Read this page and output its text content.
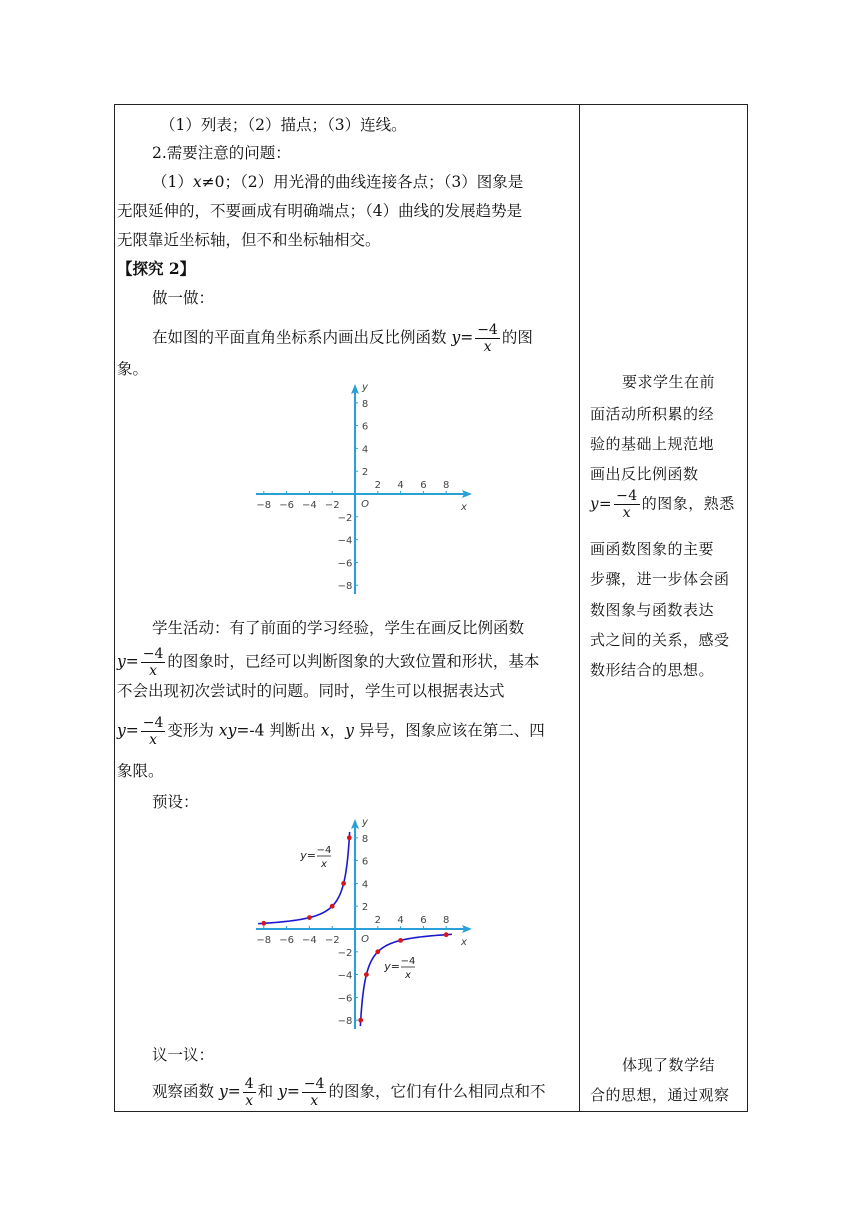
（1）列表；（2）描点；（3）连线。
2.需要注意的问题：
（1）x≠0；（2）用光滑的曲线连接各点；（3）图象是
无限延伸的，不要画成有明确端点；（4）曲线的发展趋势是
无限靠近坐标轴，但不和坐标轴相交。
【探究 2】
做一做：
在如图的平面直角坐标系内画出反比例函数 $y= \frac{-4}{x}$ 的图
象。
−8 −6 −4 −2
2 4 6 8
8
6
4
2
−2
−4
−6
−8
x
y
O
学生活动：有了前面的学习经验，学生在画反比例函数
$y= \frac{-4}{x}$ 的图象时，已经可以判断图象的大致位置和形状，基本
不会出现初次尝试时的问题。同时，学生可以根据表达式
$y= \frac{-4}{x}$ 变形为 xy=-4 判断出 x，y 异号，图象应该在第二、四
象限。
预设：
−8 −6 −4 −2
2 4 6 8
8
6
4
2
−2
−4
−6
−8
x
y
O
y= −4
x
y= −4
x
议一议：
观察函数 $y= \frac{4}{x}$ 和 $y= \frac{-4}{x}$ 的图象，它们有什么相同点和不
要求学生在前
面活动所积累的经
验的基础上规范地
画出反比例函数
$y= \frac{-4}{x}$ 的图象，熟悉
画函数图象的主要
步骤，进一步体会函
数图象与函数表达
式之间的关系，感受
数形结合的思想。
体现了数学结
合的思想，通过观察
